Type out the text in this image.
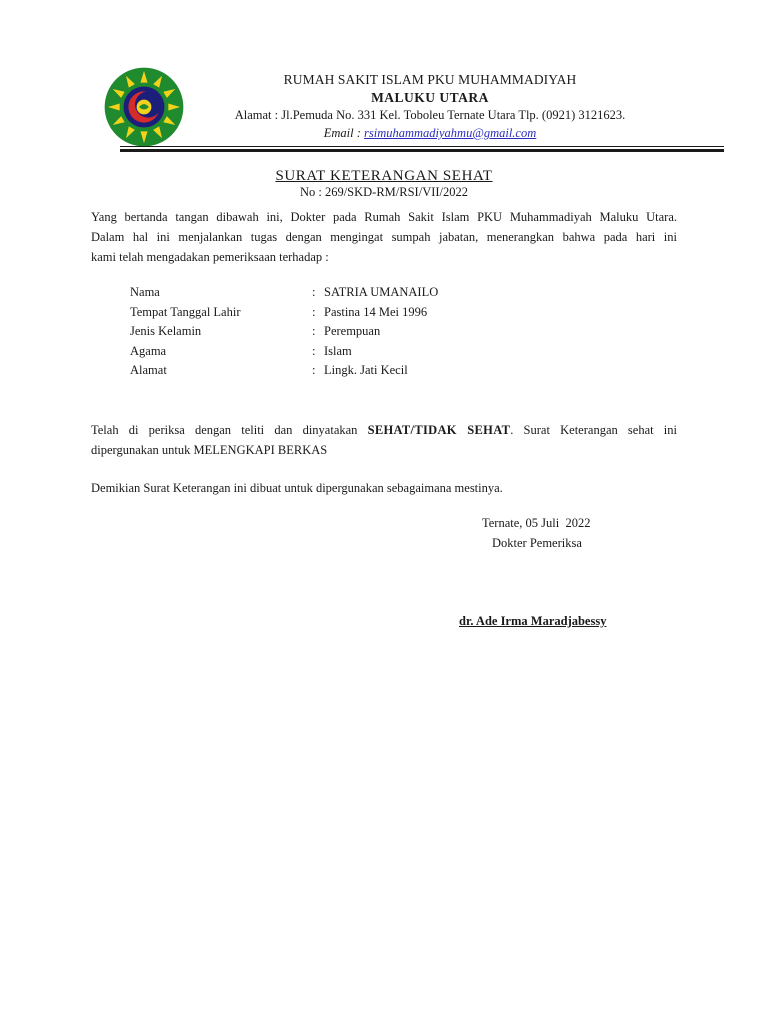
RUMAH SAKIT ISLAM PKU MUHAMMADIYAH
MALUKU UTARA
Alamat : Jl.Pemuda No. 331 Kel. Toboleu Ternate Utara Tlp. (0921) 3121623.
Email : rsimuhammadiyahmu@gmail.com
SURAT KETERANGAN SEHAT
No : 269/SKD-RM/RSI/VII/2022
Yang bertanda tangan dibawah ini, Dokter pada Rumah Sakit Islam PKU Muhammadiyah Maluku Utara.
Dalam hal ini menjalankan tugas dengan mengingat sumpah jabatan, menerangkan bahwa pada hari ini
kami telah mengadakan pemeriksaan terhadap :
Nama	: SATRIA UMANAILO
Tempat Tanggal Lahir	: Pastina 14 Mei 1996
Jenis Kelamin	: Perempuan
Agama	: Islam
Alamat	: Lingk. Jati Kecil
Telah di periksa dengan teliti dan dinyatakan SEHAT/TIDAK SEHAT. Surat Keterangan sehat ini
dipergunakan untuk MELENGKAPI BERKAS
Demikian Surat Keterangan ini dibuat untuk dipergunakan sebagaimana mestinya.
Ternate, 05 Juli  2022
Dokter Pemeriksa
dr. Ade Irma Maradjabessy
